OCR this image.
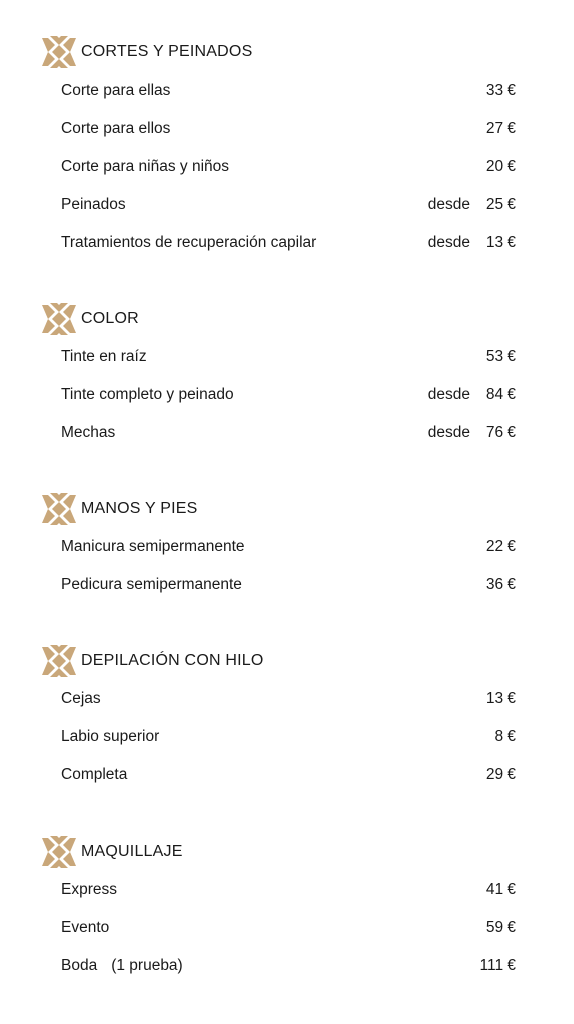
CORTES Y PEINADOS
Corte para ellas	33 €
Corte para ellos	27 €
Corte para niñas y niños	20 €
Peinados	desde 25 €
Tratamientos de recuperación capilar	desde 13 €
COLOR
Tinte en raíz	53 €
Tinte completo y peinado	desde 84 €
Mechas	desde 76 €
MANOS Y PIES
Manicura semipermanente	22 €
Pedicura semipermanente	36 €
DEPILACIÓN CON HILO
Cejas	13 €
Labio superior	8 €
Completa	29 €
MAQUILLAJE
Express	41 €
Evento	59 €
Boda (1 prueba)	111 €
